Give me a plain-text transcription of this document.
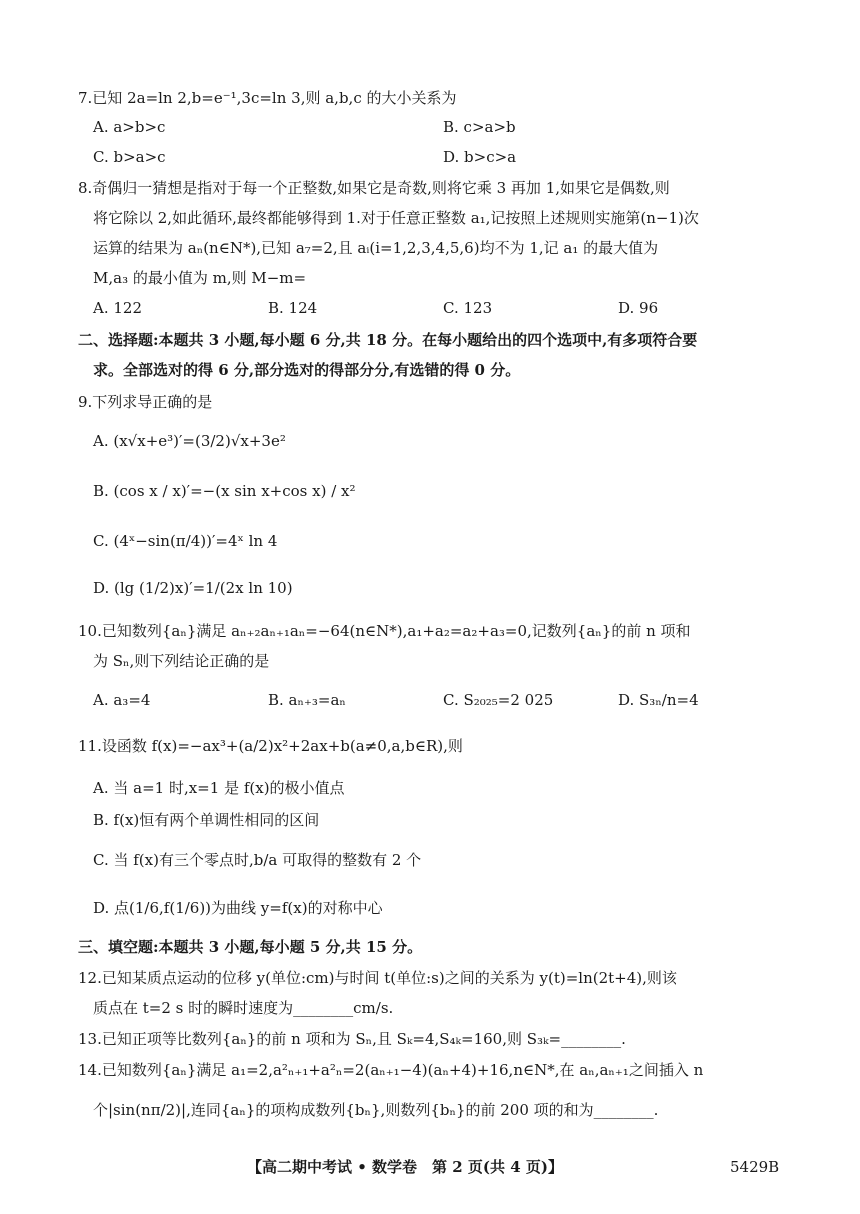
7.已知 2a=ln 2,b=e⁻¹,3c=ln 3,则 a,b,c 的大小关系为
A. a>b>c	B. c>a>b
C. b>a>c	D. b>c>a
8.奇偶归一猜想是指对于每一个正整数,如果它是奇数,则将它乘 3 再加 1,如果它是偶数,则
将它除以 2,如此循环,最终都能够得到 1.对于任意正整数 a₁,记按照上述规则实施第(n−1)次
运算的结果为 aₙ(n∈N*),已知 a₇=2,且 aᵢ(i=1,2,3,4,5,6)均不为 1,记 a₁ 的最大值为
M,a₃ 的最小值为 m,则 M−m=
A. 122	B. 124	C. 123	D. 96
二、选择题:本题共 3 小题,每小题 6 分,共 18 分。在每小题给出的四个选项中,有多项符合要
求。全部选对的得 6 分,部分选对的得部分分,有选错的得 0 分。
9.下列求导正确的是
A. (x√x+e³)′=(3/2)√x+3e²
B. (cos x / x)′=−(x sin x+cos x) / x²
C. (4ˣ−sin(π/4))′=4ˣ ln 4
D. (lg (1/2)x)′=1/(2x ln 10)
10.已知数列{aₙ}满足 aₙ₊₂aₙ₊₁aₙ=−64(n∈N*),a₁+a₂=a₂+a₃=0,记数列{aₙ}的前 n 项和
为 Sₙ,则下列结论正确的是
A. a₃=4	B. aₙ₊₃=aₙ	C. S₂₀₂₅=2 025	D. S₃ₙ/n=4
11.设函数 f(x)=−ax³+(a/2)x²+2ax+b(a≠0,a,b∈R),则
A. 当 a=1 时,x=1 是 f(x)的极小值点
B. f(x)恒有两个单调性相同的区间
C. 当 f(x)有三个零点时,b/a 可取得的整数有 2 个
D. 点(1/6,f(1/6))为曲线 y=f(x)的对称中心
三、填空题:本题共 3 小题,每小题 5 分,共 15 分。
12.已知某质点运动的位移 y(单位:cm)与时间 t(单位:s)之间的关系为 y(t)=ln(2t+4),则该
质点在 t=2 s 时的瞬时速度为________cm/s.
13.已知正项等比数列{aₙ}的前 n 项和为 Sₙ,且 Sₖ=4,S₄ₖ=160,则 S₃ₖ=________.
14.已知数列{aₙ}满足 a₁=2,a²ₙ₊₁+a²ₙ=2(aₙ₊₁−4)(aₙ+4)+16,n∈N*,在 aₙ,aₙ₊₁之间插入 n
个|sin(nπ/2)|,连同{aₙ}的项构成数列{bₙ},则数列{bₙ}的前 200 项的和为________.
【高二期中考试 • 数学卷　第 2 页(共 4 页)】	5429B
